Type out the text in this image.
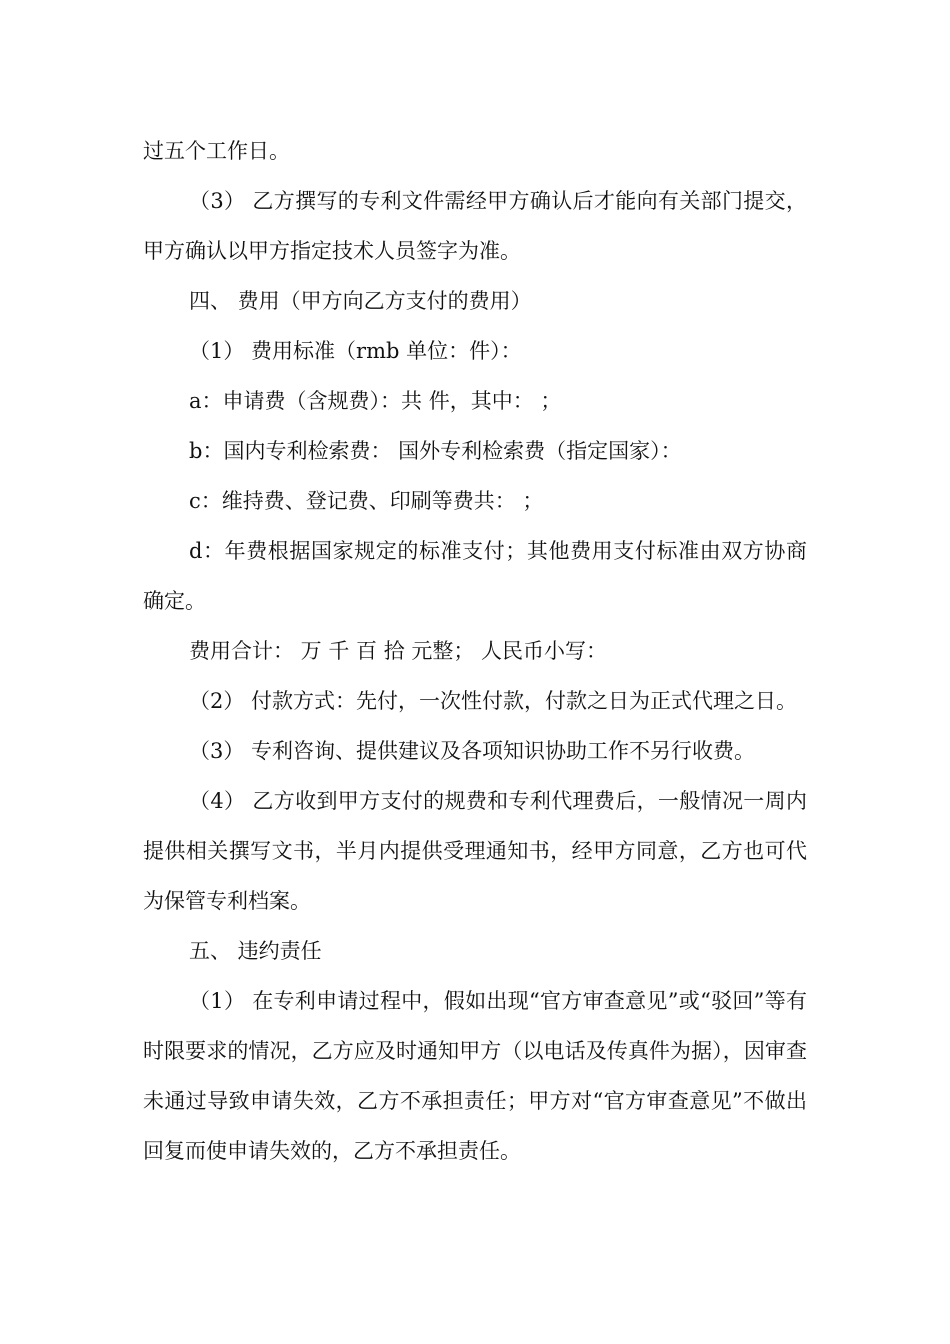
过五个工作日。

（3） 乙方撰写的专利文件需经甲方确认后才能向有关部门提交，甲方确认以甲方指定技术人员签字为准。

四、 费用（甲方向乙方支付的费用）

（1） 费用标准（rmb 单位：件）：

a：申请费（含规费）：共 件，其中： ；

b：国内专利检索费： 国外专利检索费（指定国家）：

c：维持费、登记费、印刷等费共： ；

d：年费根据国家规定的标准支付；其他费用支付标准由双方协商确定。

费用合计： 万 千 百 拾 元整； 人民币小写：

（2） 付款方式：先付，一次性付款，付款之日为正式代理之日。

（3） 专利咨询、提供建议及各项知识协助工作不另行收费。

（4） 乙方收到甲方支付的规费和专利代理费后，一般情况一周内提供相关撰写文书，半月内提供受理通知书，经甲方同意，乙方也可代为保管专利档案。

五、 违约责任

（1） 在专利申请过程中，假如出现“官方审查意见”或“驳回”等有时限要求的情况，乙方应及时通知甲方（以电话及传真件为据），因审查未通过导致申请失效，乙方不承担责任；甲方对“官方审查意见”不做出回复而使申请失效的，乙方不承担责任。
